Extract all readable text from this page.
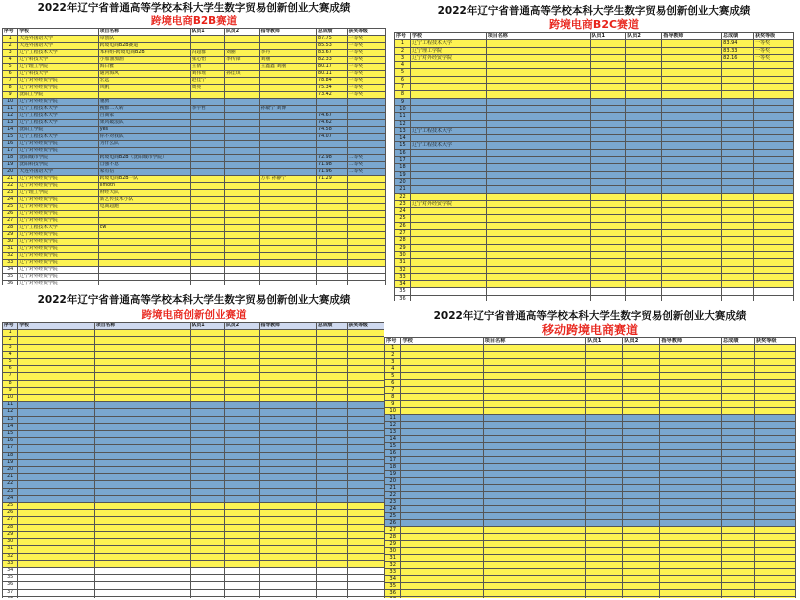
2022年辽宁省普通高等学校本科大学生数字贸易创新创业大赛成绩
跨境电商B2B赛道
序号	学校	项目名称	队员1	队员2	指导教师	总成绩	获奖等级
1	大连外国语大学	卓创队				87.75	一等奖
2	大连外国语大学	跨境电商B2B赛道				85.53	一等奖
3	辽宁工程技术大学	本科组-跨境电商B2B	冯超群	刘丽	李丹	83.67	一等奖
4	辽宁科技大学	小加油加油	张心怡	李传锋	刘丽	82.33	一等奖
5	辽宁理工学院	海日雅	王倩		王鑫鑫 刘丽	80.17	一等奖
6	辽宁科技大学	通河海风	刘伟瑶	孙佳琪		80.11	一等奖
7	辽宁对外经贸学院	宏远	赵佳宁			78.84	一等奖
8	辽宁对外经贸学院	风帆	周亮			75.34	一等奖
9	沈阳工学院					73.42	一等奖
10	辽宁对外经贸学院	驰骋					
11	辽宁工程技术大学	搜群二人转	李宇哲		孙敏宁 刘博		
12	辽宁工程技术大学	百商家				74.67	
13	辽宁工程技术大学	果风破浪队				74.62	
14	沈阳工学院	yes				74.58	
15	辽宁工程技术大学	你不对我队				74.07	
16	辽宁对外经贸学院	为什么队					
17	辽宁对外经贸学院						
18	沈阳城市学院	跨境电商B2B（沈阳城市学院）				72.98	二等奖
19	沈阳科技学院	自强不息				71.98	二等奖
20	大连外国语大学	家有信				71.96	二等奖
21	辽宁对外经贸学院	跨境电商B2B一队			万军 孙静宁	71.29	
22	辽宁对外经贸学院	Ilmoth					
23	辽宁理工学院	财经大队					
24	辽宁对外经贸学院	新艺传技术小队					
25	辽宁对外经贸学院	电商超跑					
26	辽宁对外经贸学院						
27	辽宁对外经贸学院						
28	辽宁工程技术大学	cw					
29	辽宁对外经贸学院						
30	辽宁对外经贸学院						
31	辽宁对外经贸学院						
32	辽宁对外经贸学院						
33	辽宁对外经贸学院						
34	辽宁对外经贸学院						
35	辽宁对外经贸学院						
36	辽宁对外经贸学院						

2022年辽宁省普通高等学校本科大学生数字贸易创新创业大赛成绩
跨境电商B2C赛道
序号	学校	项目名称	队员1	队员2	指导教师	总成绩	获奖等级
1	辽宁工程技术大学					83.94	一等奖
2	辽宁理工学院					83.33	一等奖
3	辽宁对外经贸学院					82.16	一等奖
4							
5							
6							
7							
8							
9							
10							
11							
12							
13	辽宁工程技术大学						
14							
15	辽宁工程技术大学						
16							
17							
18							
19							
20							
21							
22							
23	辽宁对外经贸学院						
24							
25							
26							
27							
28							
29							
30							
31							
32							
33							
34							
35							
36							

2022年辽宁省普通高等学校本科大学生数字贸易创新创业大赛成绩
跨境电商创新创业赛道
序号	学校	项目名称	队员1	队员2	指导教师	总成绩	获奖等级
1							
2							
3							
4							
5							
6							
7							
8							
9							
10							
11							
12							
13							
14							
15							
16							
17							
18							
19							
20							
21							
22							
23							
24							
25							
26							
27							
28							
29							
30							
31							
32							
33							
34							
35							
36							
37							

2022年辽宁省普通高等学校本科大学生数字贸易创新创业大赛成绩
移动跨境电商赛道
序号	学校	项目名称	队员1	队员2	指导教师	总成绩	获奖等级
1							
2							
3							
4							
5							
6							
7							
8							
9							
10							
11							
12							
13							
14							
15							
16							
17							
18							
19							
20							
21							
22							
23							
24							
25							
26							
27							
28							
29							
30							
31							
32							
33							
34							
35							
36							
